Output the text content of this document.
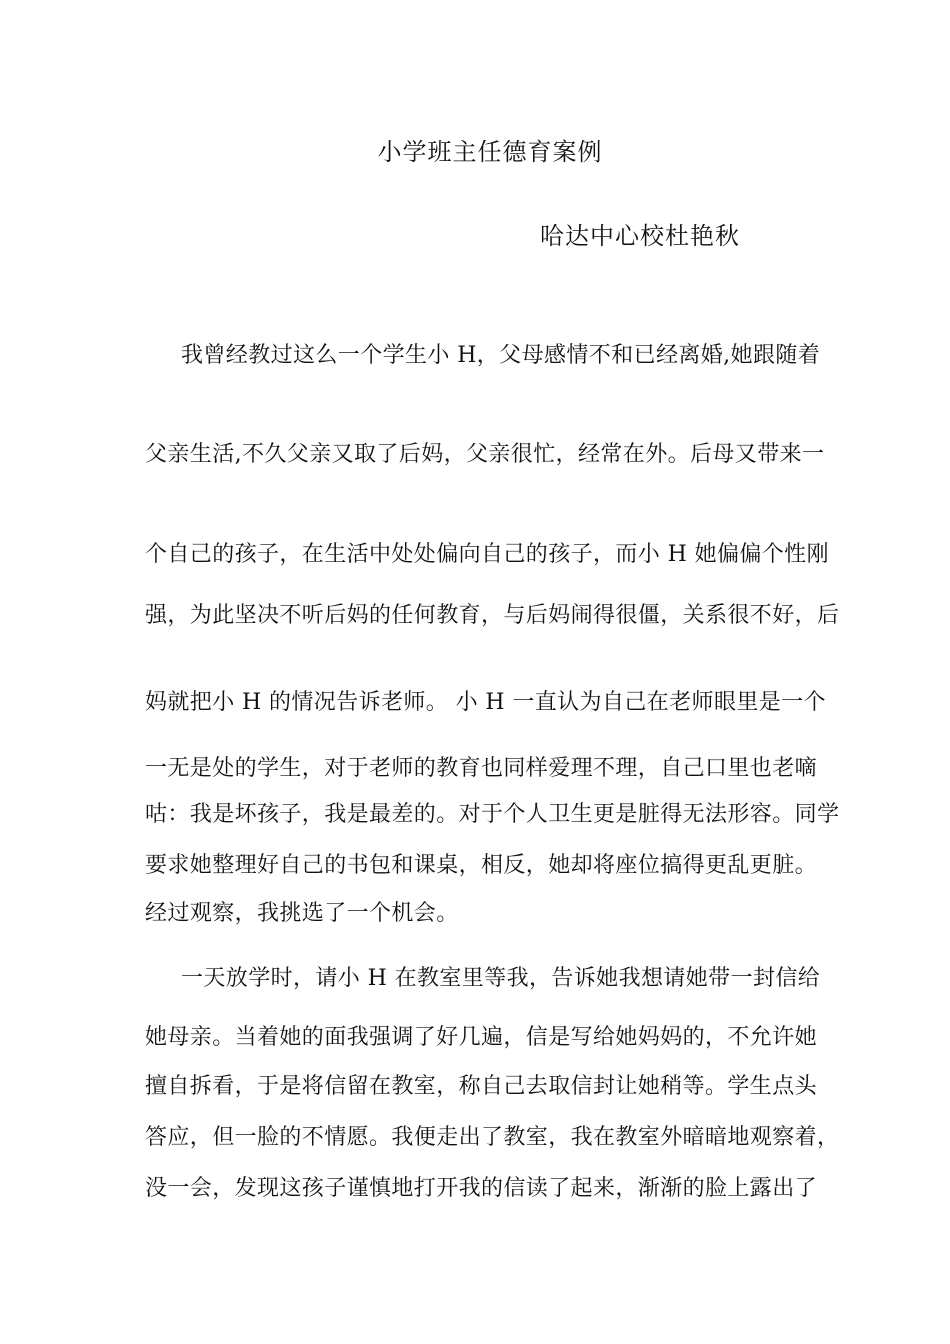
小学班主任德育案例
哈达中心校杜艳秋
我曾经教过这么一个学生小 H，父母感情不和已经离婚,她跟随着
父亲生活,不久父亲又取了后妈，父亲很忙，经常在外。后母又带来一
个自己的孩子，在生活中处处偏向自己的孩子，而小 H 她偏偏个性刚
强，为此坚决不听后妈的任何教育，与后妈闹得很僵，关系很不好，后
妈就把小 H 的情况告诉老师。 小 H 一直认为自己在老师眼里是一个
一无是处的学生，对于老师的教育也同样爱理不理，自己口里也老嘀
咕：我是坏孩子，我是最差的。对于个人卫生更是脏得无法形容。同学
要求她整理好自己的书包和课桌，相反，她却将座位搞得更乱更脏。
经过观察，我挑选了一个机会。
一天放学时，请小 H 在教室里等我，告诉她我想请她带一封信给
她母亲。当着她的面我强调了好几遍，信是写给她妈妈的，不允许她
擅自拆看，于是将信留在教室，称自己去取信封让她稍等。学生点头
答应，但一脸的不情愿。我便走出了教室，我在教室外暗暗地观察着，
没一会，发现这孩子谨慎地打开我的信读了起来，渐渐的脸上露出了
